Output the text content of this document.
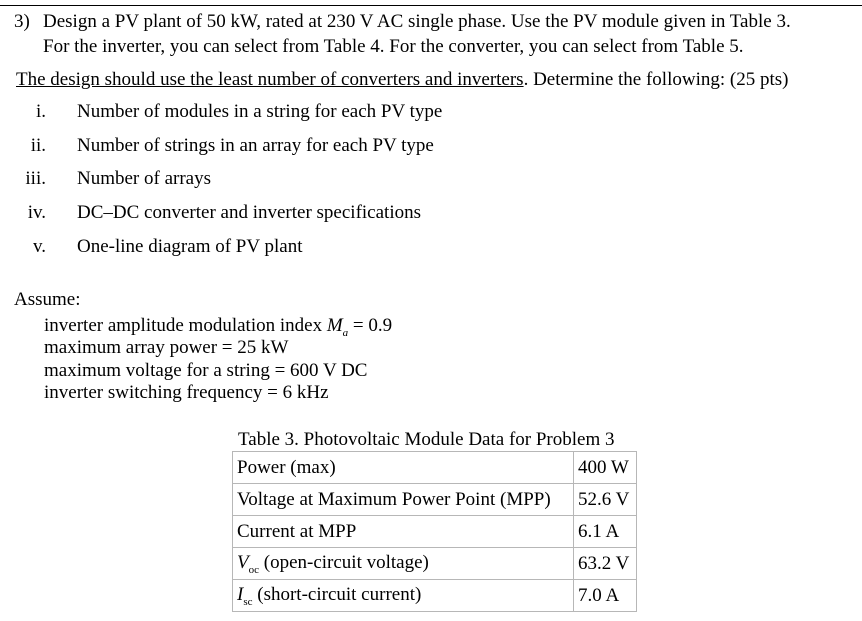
3) Design a PV plant of 50 kW, rated at 230 V AC single phase. Use the PV module given in Table 3.
For the inverter, you can select from Table 4. For the converter, you can select from Table 5.
The design should use the least number of converters and inverters. Determine the following: (25 pts)
i. Number of modules in a string for each PV type
ii. Number of strings in an array for each PV type
iii. Number of arrays
iv. DC–DC converter and inverter specifications
v. One-line diagram of PV plant
Assume:
inverter amplitude modulation index $M_a = 0.9$
maximum array power = 25 kW
maximum voltage for a string = 600 V DC
inverter switching frequency = 6 kHz
Table 3. Photovoltaic Module Data for Problem 3
Power (max)	400 W
Voltage at Maximum Power Point (MPP)	52.6 V
Current at MPP	6.1 A
$V_{oc}$ (open-circuit voltage)	63.2 V
$I_{sc}$ (short-circuit current)	7.0 A
